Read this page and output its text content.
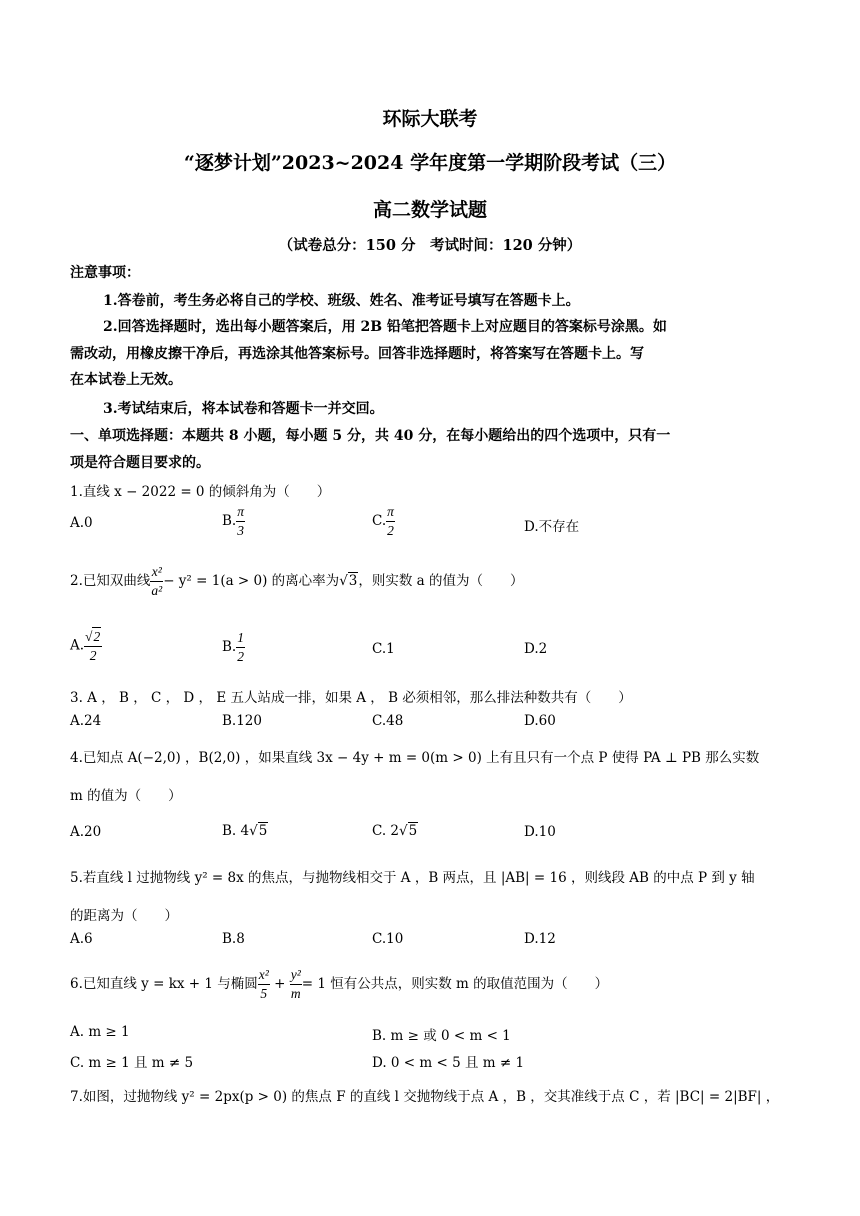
环际大联考
“逐梦计划”2023~2024 学年度第一学期阶段考试（三）
高二数学试题
（试卷总分：150 分　考试时间：120 分钟）
注意事项：
1.答卷前，考生务必将自己的学校、班级、姓名、准考证号填写在答题卡上。
2.回答选择题时，选出每小题答案后，用 2B 铅笔把答题卡上对应题目的答案标号涂黑。如
需改动，用橡皮擦干净后，再选涂其他答案标号。回答非选择题时，将答案写在答题卡上。写
在本试卷上无效。
3.考试结束后，将本试卷和答题卡一并交回。
一、单项选择题：本题共 8 小题，每小题 5 分，共 40 分，在每小题给出的四个选项中，只有一
项是符合题目要求的。
1.直线 x − 2022 = 0 的倾斜角为（　　）
A.0	B. $\frac{\pi}{3}$	C. $\frac{\pi}{2}$	D.不存在
2.已知双曲线 $\frac{\text{x²}}{\text{a²}} - y^2 = 1(a > 0)$ 的离心率为√3，则实数 a 的值为（　　）
A. $\frac{√2}{2}$	B. $\frac{1}{2}$	C.1	D.2
3. A ， B ， C ， D ， E 五人站成一排，如果 A ， B 必须相邻，那么排法种数共有（　　）
A.24	B.120	C.48	D.60
4.已知点 A(−2,0) ，B(2,0) ，如果直线 3x − 4y + m = 0(m > 0) 上有且只有一个点 P 使得 PA ⊥ PB 那么实数
m 的值为（　　）
A.20	B. 4√5	C. 2√5	D.10
5.若直线 l 过抛物线 y² = 8x 的焦点，与抛物线相交于 A ，B 两点，且 |AB| = 16 ，则线段 AB 的中点 P 到 y 轴
的距离为（　　）
A.6	B.8	C.10	D.12
6.已知直线 y = kx + 1 与椭圆 $\frac{\text{x²}}{5} + \frac{\text{y²}}{m} = 1$ 恒有公共点，则实数 m 的取值范围为（　　）
A. m ≥ 1	B. m ≥ 或 0 < m < 1
C. m ≥ 1 且 m ≠ 5	D. 0 < m < 5 且 m ≠ 1
7.如图，过抛物线 y² = 2px(p > 0) 的焦点 F 的直线 l 交抛物线于点 A ，B ，交其准线于点 C ，若 |BC| = 2|BF| ，
